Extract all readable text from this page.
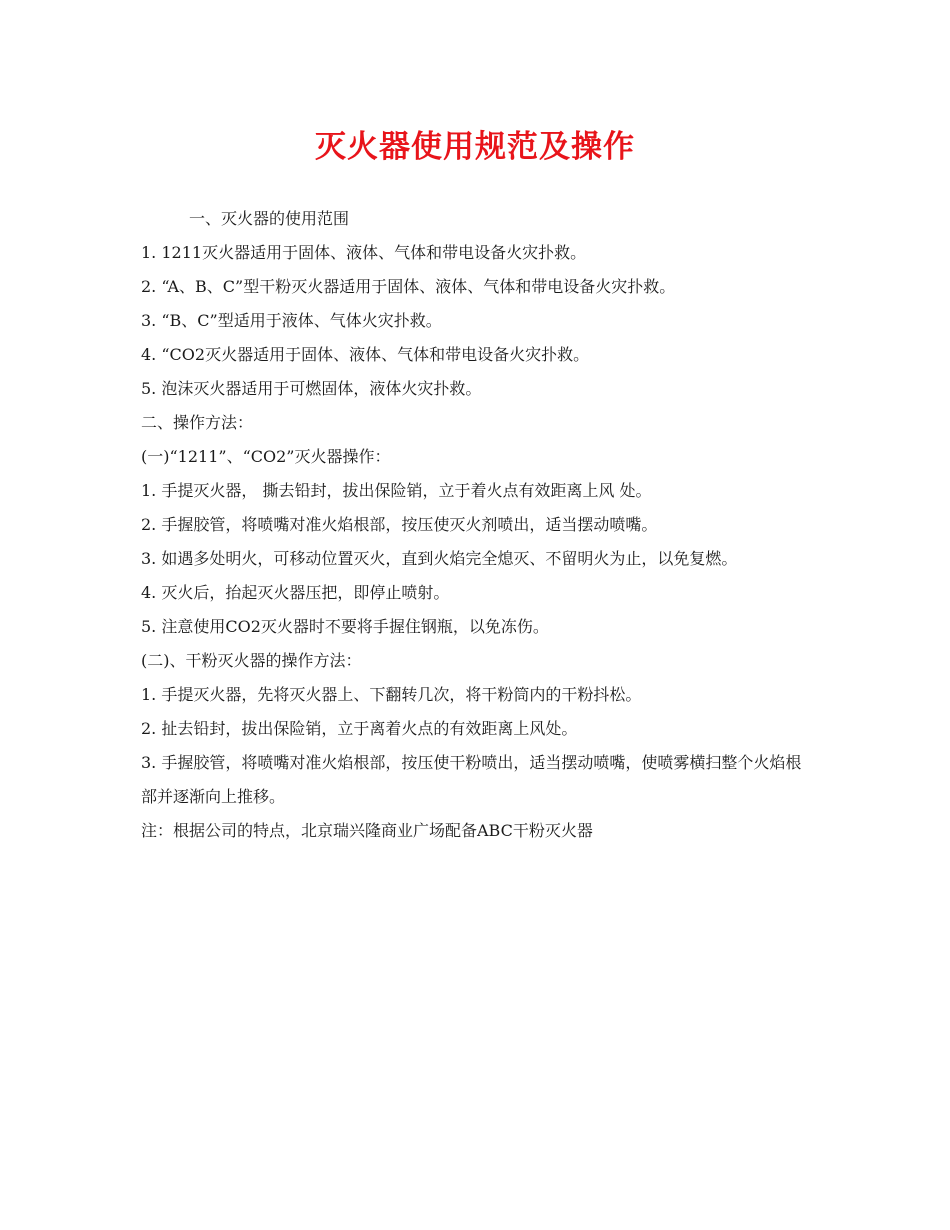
灭火器使用规范及操作

一、灭火器的使用范围

1. 1211灭火器适用于固体、液体、气体和带电设备火灾扑救。

2. “A、B、C”型干粉灭火器适用于固体、液体、气体和带电设备火灾扑救。

3. “B、C”型适用于液体、气体火灾扑救。

4. “CO2灭火器适用于固体、液体、气体和带电设备火灾扑救。

5. 泡沫灭火器适用于可燃固体，液体火灾扑救。

二、操作方法：

(一)“1211”、“CO2”灭火器操作：

1. 手提灭火器， 撕去铅封，拔出保险销，立于着火点有效距离上风 处。

2. 手握胶管，将喷嘴对准火焰根部，按压使灭火剂喷出，适当摆动喷嘴。

3. 如遇多处明火，可移动位置灭火，直到火焰完全熄灭、不留明火为止，以免复燃。

4. 灭火后，抬起灭火器压把，即停止喷射。

5. 注意使用CO2灭火器时不要将手握住钢瓶，以免冻伤。

(二)、干粉灭火器的操作方法：

1. 手提灭火器，先将灭火器上、下翻转几次，将干粉筒内的干粉抖松。

2. 扯去铅封，拔出保险销，立于离着火点的有效距离上风处。

3. 手握胶管，将喷嘴对准火焰根部，按压使干粉喷出，适当摆动喷嘴，使喷雾横扫整个火焰根部并逐渐向上推移。

注：根据公司的特点，北京瑞兴隆商业广场配备ABC干粉灭火器
